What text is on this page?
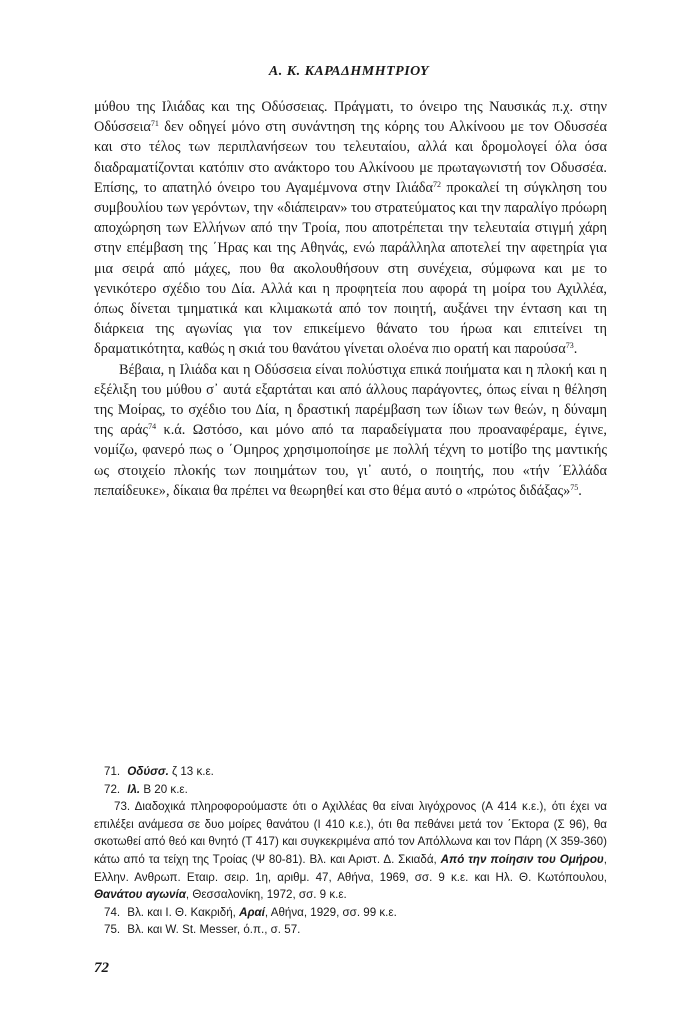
Α. Κ. ΚΑΡΑΔΗΜΗΤΡΙΟΥ

μύθου της Ιλιάδας και της Οδύσσειας. Πράγματι, το όνειρο της Ναυσικάς π.χ. στην Οδύσσεια$^{71}$ δεν οδηγεί μόνο στη συνάντηση της κόρης του Αλκίνοου με τον Οδυσσέα και στο τέλος των περιπλανήσεων του τελευταίου, αλλά και δρομολογεί όλα όσα διαδραματίζονται κατόπιν στο ανάκτορο του Αλκίνοου με πρωταγωνιστή τον Οδυσσέα. Επίσης, το απατηλό όνειρο του Αγαμέμνονα στην Ιλιάδα$^{72}$ προκαλεί τη σύγκληση του συμβουλίου των γερόντων, την «διάπειραν» του στρατεύματος και την παραλίγο πρόωρη αποχώρηση των Ελλήνων από την Τροία, που αποτρέπεται την τελευταία στιγμή χάρη στην επέμβαση της ΄Ηρας και της Αθηνάς, ενώ παράλληλα αποτελεί την αφετηρία για μια σειρά από μάχες, που θα ακολουθήσουν στη συνέχεια, σύμφωνα και με το γενικότερο σχέδιο του Δία. Αλλά και η προφητεία που αφορά τη μοίρα του Αχιλλέα, όπως δίνεται τμηματικά και κλιμακωτά από τον ποιητή, αυξάνει την ένταση και τη διάρκεια της αγωνίας για τον επικείμενο θάνατο του ήρωα και επιτείνει τη δραματικότητα, καθώς η σκιά του θανάτου γίνεται ολοένα πιο ορατή και παρούσα$^{73}$.

Βέβαια, η Ιλιάδα και η Οδύσσεια είναι πολύστιχα επικά ποιήματα και η πλοκή και η εξέλιξη του μύθου σ᾽ αυτά εξαρτάται και από άλλους παράγοντες, όπως είναι η θέληση της Μοίρας, το σχέδιο του Δία, η δραστική παρέμβαση των ίδιων των θεών, η δύναμη της αράς$^{74}$ κ.ά. Ωστόσο, και μόνο από τα παραδείγματα που προαναφέραμε, έγινε, νομίζω, φανερό πως ο ΄Ομηρος χρησιμοποίησε με πολλή τέχνη το μοτίβο της μαντικής ως στοιχείο πλοκής των ποιημάτων του, γι᾽ αυτό, ο ποιητής, που «τήν ΄Ελλάδα πεπαίδευκε», δίκαια θα πρέπει να θεωρηθεί και στο θέμα αυτό ο «πρώτος διδάξας»$^{75}$.

71. Οδύσσ. ζ 13 κ.ε.

72. Ιλ. Β 20 κ.ε.

73. Διαδοχικά πληροφορούμαστε ότι ο Αχιλλέας θα είναι λιγόχρονος (Α 414 κ.ε.), ότι έχει να επιλέξει ανάμεσα σε δυο μοίρες θανάτου (Ι 410 κ.ε.), ότι θα πεθάνει μετά τον ΄Εκτορα (Σ 96), θα σκοτωθεί από θεό και θνητό (Τ 417) και συγκεκριμένα από τον Απόλλωνα και τον Πάρη (Χ 359-360) κάτω από τα τείχη της Τροίας (Ψ 80-81). Βλ. και Αριστ. Δ. Σκιαδά, Από την ποίησιν του Ομήρου, Ελλην. Ανθρωπ. Εταιρ. σειρ. 1η, αριθμ. 47, Αθήνα, 1969, σσ. 9 κ.ε. και Ηλ. Θ. Κωτόπουλου, Θανάτου αγωνία, Θεσσαλονίκη, 1972, σσ. 9 κ.ε.

74. Βλ. και Ι. Θ. Κακριδή, Αραί, Αθήνα, 1929, σσ. 99 κ.ε.

75. Βλ. και W. St. Messer, ό.π., σ. 57.

72
